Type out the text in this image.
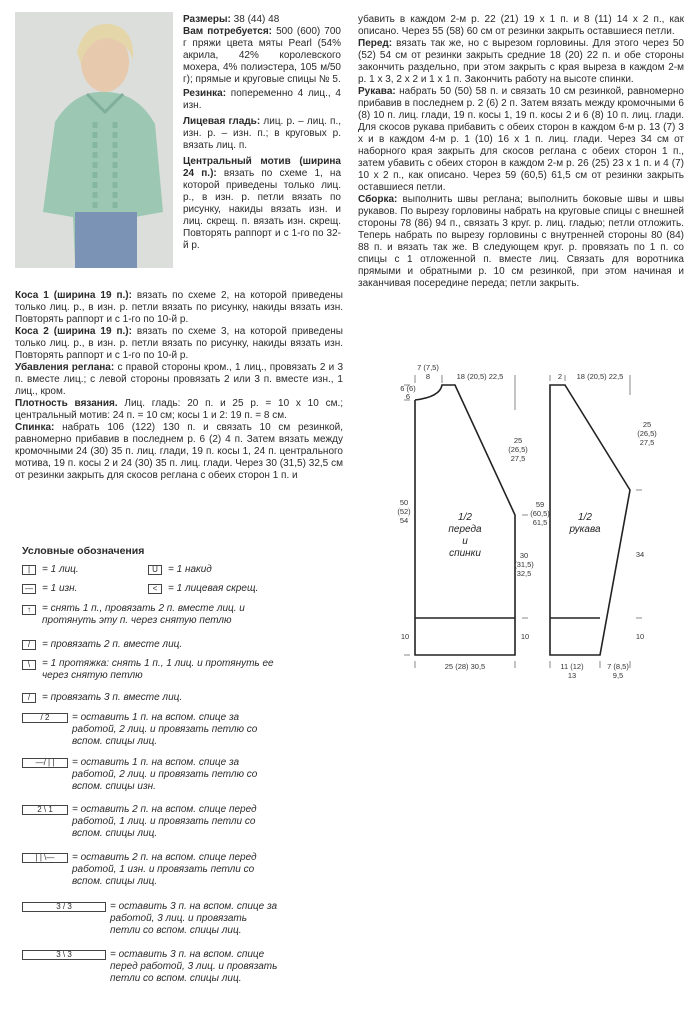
Размеры: 38 (44) 48

Вам потребуется: 500 (600) 700 г пряжи цвета мяты Pearl (54% акрила, 42% королевского мохера, 4% полиэстера, 105 м/50 г); прямые и круговые спицы № 5.

Резинка: попеременно 4 лиц., 4 изн.

Лицевая гладь: лиц. р. – лиц. п., изн. р. – изн. п.; в круговых р. вязать лиц. п.

Центральный мотив (ширина 24 п.): вязать по схеме 1, на которой приведены только лиц. р., в изн. р. петли вязать по рисунку, накиды вязать изн. и лиц. скрещ. п. вязать изн. скрещ. Повторять раппорт и с 1-го по 32-й р.

Коса 1 (ширина 19 п.): вязать по схеме 2, на которой приведены только лиц. р., в изн. р. петли вязать по рисунку, накиды вязать изн. Повторять раппорт и с 1-го по 10-й р.

Коса 2 (ширина 19 п.): вязать по схеме 3, на которой приведены только лиц. р., в изн. р. петли вязать по рисунку, накиды вязать изн. Повторять раппорт и с 1-го по 10-й р.

Убавления реглана: с правой стороны кром., 1 лиц., провязать 2 и 3 п. вместе лиц.; с левой стороны провязать 2 или 3 п. вместе изн., 1 лиц., кром.

Плотность вязания. Лиц. гладь: 20 п. и 25 р. = 10 х 10 см.; центральный мотив: 24 п. = 10 см; косы 1 и 2: 19 п. = 8 см.

Спинка: набрать 106 (122) 130 п. и связать 10 см резинкой, равномерно прибавив в последнем р. 6 (2) 4 п. Затем вязать между кромочными 24 (30) 35 п. лиц. глади, 19 п. косы 1, 24 п. центрального мотива, 19 п. косы 2 и 24 (30) 35 п. лиц. глади. Через 30 (31,5) 32,5 см от резинки закрыть для скосов реглана с обеих сторон 1 п. и

убавить в каждом 2-м р. 22 (21) 19 х 1 п. и 8 (11) 14 х 2 п., как описано. Через 55 (58) 60 см от резинки закрыть оставшиеся петли.

Перед: вязать так же, но с вырезом горловины. Для этого через 50 (52) 54 см от резинки закрыть средние 18 (20) 22 п. и обе стороны закончить раздельно, при этом закрыть с края выреза в каждом 2-м р. 1 х 3, 2 х 2 и 1 х 1 п. Закончить работу на высоте спинки.

Рукава: набрать 50 (50) 58 п. и связать 10 см резинкой, равномерно прибавив в последнем р. 2 (6) 2 п. Затем вязать между кромочными 6 (8) 10 п. лиц. глади, 19 п. косы 1, 19 п. косы 2 и 6 (8) 10 п. лиц. глади. Для скосов рукава прибавить с обеих сторон в каждом 6-м р. 13 (7) 3 х и в каждом 4-м р. 1 (10) 16 х 1 п. лиц. глади. Через 34 см от наборного края закрыть для скосов реглана с обеих сторон 1 п., затем убавить с обеих сторон в каждом 2-м р. 26 (25) 23 х 1 п. и 4 (7) 10 х 2 п., как описано. Через 59 (60,5) 61,5 см от резинки закрыть оставшиеся петли.

Сборка: выполнить швы реглана; выполнить боковые швы и швы рукавов. По вырезу горловины набрать на круговые спицы с внешней стороны 78 (86) 94 п., связать 3 круг. р. лиц. гладью; петли отложить. Теперь набрать по вырезу горловины с внутренней стороны 80 (84) 88 п. и вязать так же. В следующем круг. р. провязать по 1 п. со спицы с 1 отложенной п. вместе лиц. Связать для воротника прямыми и обратными р. 10 см резинкой, при этом начиная и заканчивая посередине переда; петли закрыть.

Условные обозначения
|	= 1 лиц.	U	= 1 накид
— = 1 изн.	<	= 1 лицевая скрещ.
↑	= снять 1 п., провязать 2 п. вместе лиц. и протянуть эту п. через снятую петлю
/	= провязать 2 п. вместе лиц.
\	= 1 протяжка: снять 1 п., 1 лиц. и протянуть ее через снятую петлю
/	= провязать 3 п. вместе лиц.
/ 2	= оставить 1 п. на вспом. спице за работой, 2 лиц. и провязать петлю со вспом. спицы лиц.
—/ | |	= оставить 1 п. на вспом. спице за работой, 2 лиц. и провязать петлю со вспом. спицы изн.
2 \ 1	= оставить 2 п. на вспом. спице перед работой, 1 лиц. и провязать петли со вспом. спицы лиц.
| | \—	= оставить 2 п. на вспом. спице перед работой, 1 изн. и провязать петли со вспом. спицы лиц.
3 / 3	= оставить 3 п. на вспом. спице за работой, 3 лиц. и провязать петли со вспом. спицы лиц.
3 \ 3	= оставить 3 п. на вспом. спице перед работой, 3 лиц. и провязать петли со вспом. спицы лиц.
7 (7,5)
8	18 (20,5) 22,5
6 (6)
6
25
(26,5)
27,5
50
(52)
54
30
(31,5)
32,5
10	10
25 (28) 30,5
2 18 (20,5) 22,5
25
(26,5)
27,5
59
(60,5)
61,5
34
10
11 (12)
13
7 (8,5)
9,5
1/2
переда
и
спинки
1/2
рукава
